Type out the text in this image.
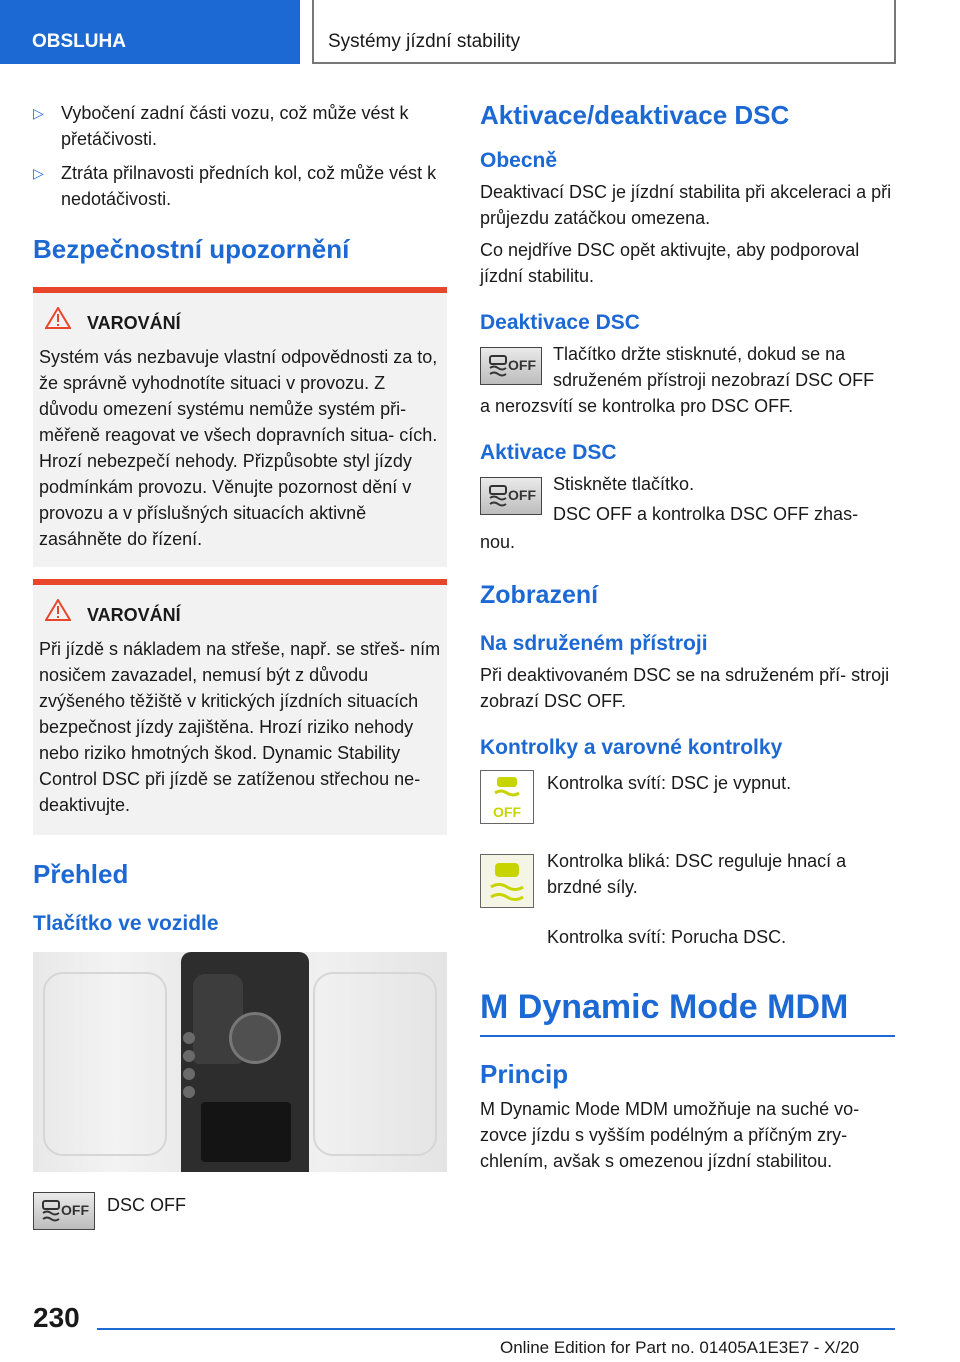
OBSLUHA	Systémy jízdní stability
▷ Vybočení zadní části vozu, což může vést k přetáčivosti.
▷ Ztráta přilnavosti předních kol, což může vést k nedotáčivosti.
Bezpečnostní upozornění
VAROVÁNÍ
Systém vás nezbavuje vlastní odpovědnosti za to, že správně vyhodnotíte situaci v provozu. Z důvodu omezení systému nemůže systém při- měřeně reagovat ve všech dopravních situa- cích. Hrozí nebezpečí nehody. Přizpůsobte styl jízdy podmínkám provozu. Věnujte pozornost dění v provozu a v příslušných situacích aktivně zasáhněte do řízení.
VAROVÁNÍ
Při jízdě s nákladem na střeše, např. se střeš- ním nosičem zavazadel, nemusí být z důvodu zvýšeného těžiště v kritických jízdních situacích bezpečnost jízdy zajištěna. Hrozí riziko nehody nebo riziko hmotných škod. Dynamic Stability Control DSC při jízdě se zatíženou střechou ne- deaktivujte.
Přehled
Tlačítko ve vozidle
OFF DSC OFF
Aktivace/deaktivace DSC
Obecně

Deaktivací DSC je jízdní stabilita při akceleraci a při průjezdu zatáčkou omezena.

Co nejdříve DSC opět aktivujte, aby podporoval jízdní stabilitu.

Deaktivace DSC
OFF

Tlačítko držte stisknuté, dokud se na sdruženém přístroji nezobrazí DSC OFF

a nerozsvítí se kontrolka pro DSC OFF.

Aktivace DSC
OFF

Stiskněte tlačítko.

DSC OFF a kontrolka DSC OFF zhas-

nou.

Zobrazení
Na sdruženém přístroji

Při deaktivovaném DSC se na sdruženém pří- stroji zobrazí DSC OFF.

Kontrolky a varovné kontrolky
OFF

Kontrolka svítí: DSC je vypnut.

Kontrolka bliká: DSC reguluje hnací a brzdné síly.

Kontrolka svítí: Porucha DSC.

M Dynamic Mode MDM
Princip

M Dynamic Mode MDM umožňuje na suché vo- zovce jízdu s vyšším podélným a příčným zry- chlením, avšak s omezenou jízdní stabilitou.

230
Online Edition for Part no. 01405A1E3E7 - X/20
